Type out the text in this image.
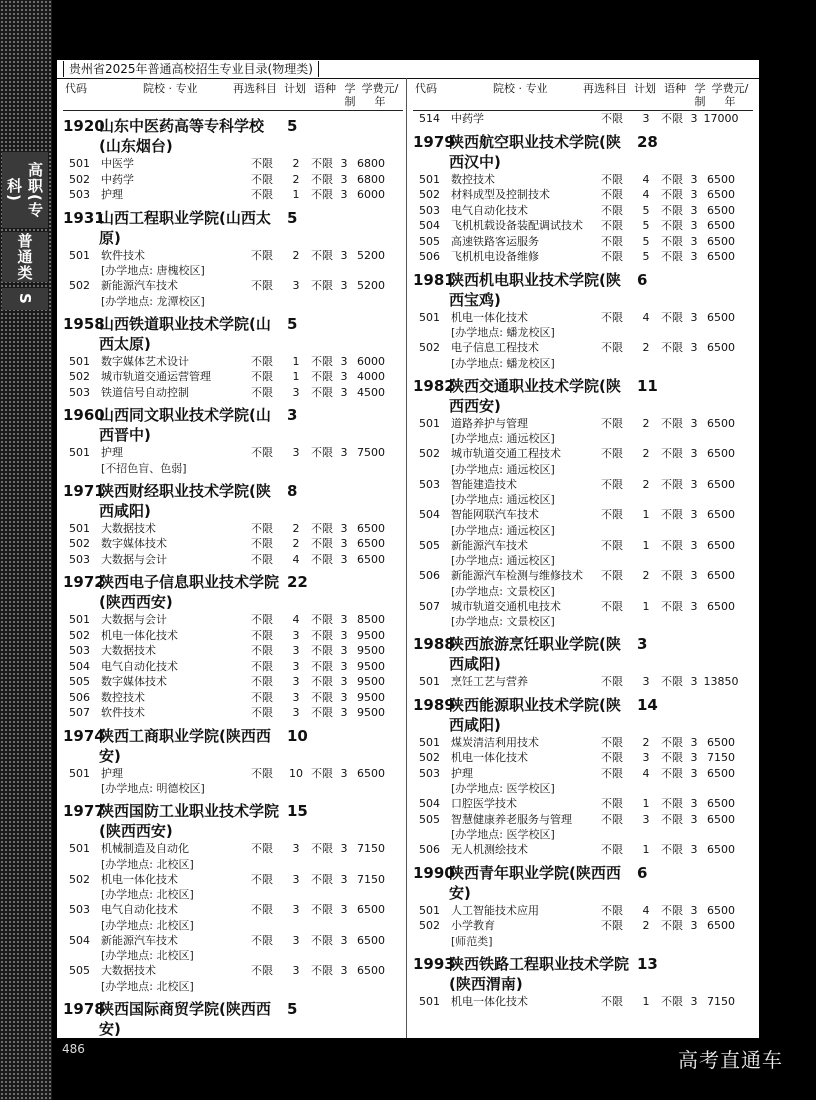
高职(专科)
普通类
S
贵州省2025年普通高校招生专业目录(物理类)
代码	院校 · 专业	再选科目 计划 语种 学制
学费元/年
1920
山东中医药高等专科学校(山东烟台)
5
501	中医学	不限	2	不限 3 6800
502	中药学	不限	2	不限 3 6800
503	护理	不限	1	不限 3 6000
1931
山西工程职业学院(山西太原)
5
501	软件技术	不限	2	不限 3 5200
[办学地点: 唐槐校区]
502	新能源汽车技术	不限	3	不限 3 5200
[办学地点: 龙潭校区]
1958
山西铁道职业技术学院(山西太原)
5
501	数字媒体艺术设计	不限	1	不限 3 6000
502	城市轨道交通运营管理	不限	1	不限 3 4000
503	铁道信号自动控制	不限	3	不限 3 4500
1960
山西同文职业技术学院(山西晋中)
3
501	护理	不限	3	不限 3 7500
[不招色盲、色弱]
1971
陕西财经职业技术学院(陕西咸阳)
8
501	大数据技术	不限	2	不限 3 6500
502	数字媒体技术	不限	2	不限 3 6500
503	大数据与会计	不限	4	不限 3 6500
1972
陕西电子信息职业技术学院(陕西西安)
22
501	大数据与会计	不限	4	不限 3 8500
502	机电一体化技术	不限	3	不限 3 9500
503	大数据技术	不限	3	不限 3 9500
504	电气自动化技术	不限	3	不限 3 9500
505	数字媒体技术	不限	3	不限 3 9500
506	数控技术	不限	3	不限 3 9500
507	软件技术	不限	3	不限 3 9500
1974
陕西工商职业学院(陕西西安)
10
501	护理	不限	10 不限 3 6500
[办学地点: 明德校区]
1977
陕西国防工业职业技术学院(陕西西安)
15
501	机械制造及自动化	不限	3	不限 3 7150
[办学地点: 北校区]
502	机电一体化技术	不限	3	不限 3 7150
[办学地点: 北校区]
503	电气自动化技术	不限	3	不限 3 6500
[办学地点: 北校区]
504	新能源汽车技术	不限	3	不限 3 6500
[办学地点: 北校区]
505	大数据技术	不限	3	不限 3 6500
[办学地点: 北校区]
1978
陕西国际商贸学院(陕西西安)
5
代码	院校 · 专业	再选科目 计划 语种 学制
学费元/年
514	中药学	不限	3	不限 3 17000
1979
陕西航空职业技术学院(陕西汉中)
28
501	数控技术	不限	4	不限 3 6500
502	材料成型及控制技术	不限	4	不限 3 6500
503	电气自动化技术	不限	5	不限 3 6500
504	飞机机载设备装配调试技术	不限	5	不限 3 6500
505	高速铁路客运服务	不限	5	不限 3 6500
506	飞机机电设备维修	不限	5	不限 3 6500
1981
陕西机电职业技术学院(陕西宝鸡)
6
501	机电一体化技术	不限	4	不限 3 6500
[办学地点: 蟠龙校区]
502	电子信息工程技术	不限	2	不限 3 6500
[办学地点: 蟠龙校区]
1982
陕西交通职业技术学院(陕西西安)
11
501	道路养护与管理	不限	2	不限 3 6500
[办学地点: 通远校区]
502	城市轨道交通工程技术	不限	2	不限 3 6500
[办学地点: 通远校区]
503	智能建造技术	不限	2	不限 3 6500
[办学地点: 通远校区]
504	智能网联汽车技术	不限	1	不限 3 6500
[办学地点: 通远校区]
505	新能源汽车技术	不限	1	不限 3 6500
[办学地点: 通远校区]
506	新能源汽车检测与维修技术	不限	2	不限 3 6500
[办学地点: 文景校区]
507	城市轨道交通机电技术	不限	1	不限 3 6500
[办学地点: 文景校区]
1988
陕西旅游烹饪职业学院(陕西咸阳)
3
501	烹饪工艺与营养	不限	3	不限 3 13850
1989
陕西能源职业技术学院(陕西咸阳)
14
501	煤炭清洁利用技术	不限	2	不限 3 6500
502	机电一体化技术	不限	3	不限 3 7150
503	护理	不限	4	不限 3 6500
[办学地点: 医学校区]
504	口腔医学技术	不限	1	不限 3 6500
505	智慧健康养老服务与管理	不限	3	不限 3 6500
[办学地点: 医学校区]
506	无人机测绘技术	不限	1	不限 3 6500
1990
陕西青年职业学院(陕西西安)
6
501	人工智能技术应用	不限	4	不限 3 6500
502	小学教育	不限	2	不限 3 6500
[师范类]
1993
陕西铁路工程职业技术学院(陕西渭南)
13
501	机电一体化技术	不限	1	不限 3 7150
486	高考直通车
